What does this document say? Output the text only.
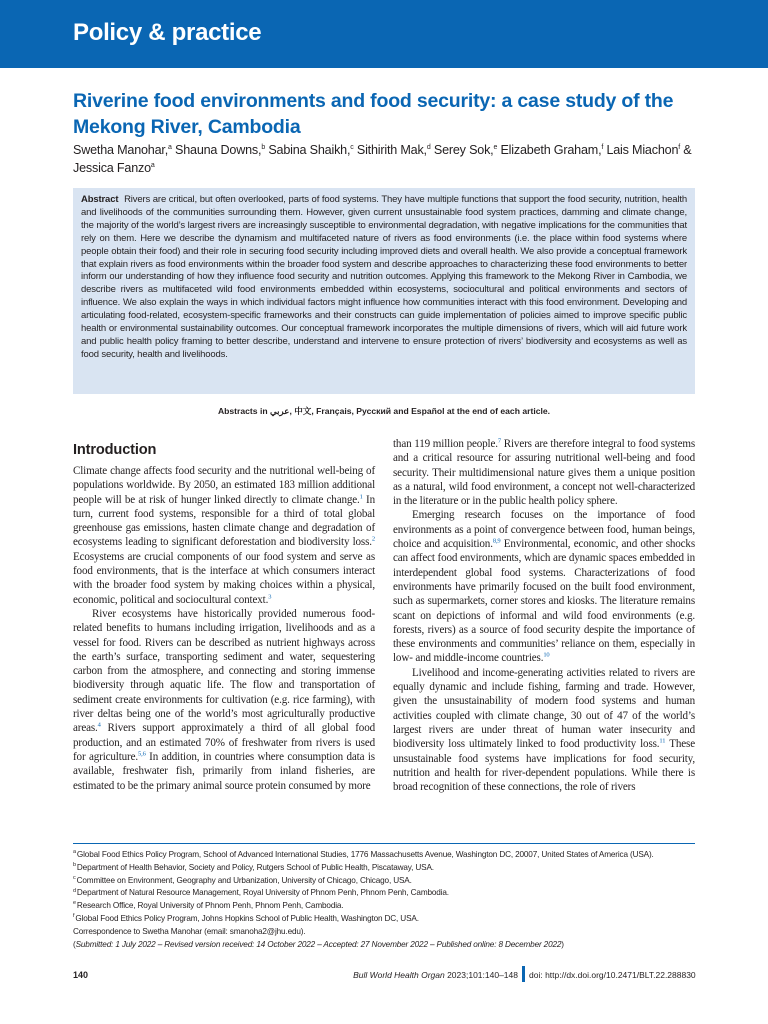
Policy & practice
Riverine food environments and food security: a case study of the Mekong River, Cambodia
Swetha Manohar,$^a$ Shauna Downs,$^b$ Sabina Shaikh,$^c$ Sithirith Mak,$^d$ Serey Sok,$^e$ Elizabeth Graham,$^f$ Lais Miachon$^f$ & Jessica Fanzo$^a$

Abstract Rivers are critical, but often overlooked, parts of food systems. They have multiple functions that support the food security, nutrition, health and livelihoods of the communities surrounding them. However, given current unsustainable food system practices, damming and climate change, the majority of the world’s largest rivers are increasingly susceptible to environmental degradation, with negative implications for the communities that rely on them. Here we describe the dynamism and multifaceted nature of rivers as food environments (i.e. the place within food systems where people obtain their food) and their role in securing food security including improved diets and overall health. We also provide a conceptual framework that explain rivers as food environments within the broader food system and describe approaches to characterizing these food environments to better inform our understanding of how they influence food security and nutrition outcomes. Applying this framework to the Mekong River in Cambodia, we describe rivers as multifaceted wild food environments embedded within ecosystems, sociocultural and political environments and sectors of influence. We also explain the ways in which individual factors might influence how communities interact with this food environment. Developing and articulating food-related, ecosystem-specific frameworks and their constructs can guide implementation of policies aimed to improve specific public health or environmental sustainability outcomes. Our conceptual framework incorporates the multiple dimensions of rivers, which will aid future work and public health policy framing to better describe, understand and intervene to ensure protection of rivers’ biodiversity and ecosystems as well as food security, health and livelihoods.

Abstracts in عربي, 中文, Français, Русский and Español at the end of each article.
Introduction

Climate change affects food security and the nutritional well-being of populations worldwide. By 2050, an estimated 183 million additional people will be at risk of hunger linked directly to climate change.$^1$ In turn, current food systems, responsible for a third of total global greenhouse gas emissions, hasten climate change and degradation of ecosystems leading to significant deforestation and biodiversity loss.$^2$ Ecosystems are crucial components of our food system and serve as food environments, that is the interface at which consumers interact with the broader food system by making choices within a physical, economic, political and sociocultural context.$^3$

River ecosystems have historically provided numerous food-related benefits to humans including irrigation, livelihoods and as a vessel for food. Rivers can be described as nutrient highways across the earth’s surface, transporting sediment and water, sequestering carbon from the atmosphere, and connecting and storing immense biodiversity through aquatic life. The flow and transportation of sediment create environments for cultivation (e.g. rice farming), with river deltas being one of the world’s most agriculturally productive areas.$^4$ Rivers support approximately a third of all global food production, and an estimated 70% of freshwater from rivers is used for agriculture.$^{5,6}$ In addition, in countries where consumption data is available, freshwater fish, primarily from inland fisheries, are estimated to be the primary animal source protein consumed by more

than 119 million people.$^7$ Rivers are therefore integral to food systems and a critical resource for assuring nutritional well-being and food security. Their multidimensional nature gives them a unique position as a natural, wild food environment, a concept not well-characterized in the literature or in the public health policy sphere.

Emerging research focuses on the importance of food environments as a point of convergence between food, human beings, choice and acquisition.$^{8,9}$ Environmental, economic, and other shocks can affect food environments, which are dynamic spaces embedded in interdependent global food systems. Characterizations of food environments have primarily focused on the built food environment, such as supermarkets, corner stores and kiosks. The literature remains scant on depictions of informal and wild food environments (e.g. forests, rivers) as a source of food security despite the importance of these environments and communities’ reliance on them, especially in low- and middle-income countries.$^{10}$

Livelihood and income-generating activities related to rivers are equally dynamic and include fishing, farming and trade. However, given the unsustainability of modern food systems and human activities coupled with climate change, 30 out of 47 of the world’s largest rivers are under threat of human water insecurity and biodiversity loss ultimately linked to food productivity loss.$^{11}$ These unsustainable food systems have implications for food security, nutrition and health for river-dependent populations. While there is broad recognition of these connections, the role of rivers

$^a$Global Food Ethics Policy Program, School of Advanced International Studies, 1776 Massachusetts Avenue, Washington DC, 20007, United States of America (USA).
$^b$Department of Health Behavior, Society and Policy, Rutgers School of Public Health, Piscataway, USA.
$^c$Committee on Environment, Geography and Urbanization, University of Chicago, Chicago, USA.
$^d$Department of Natural Resource Management, Royal University of Phnom Penh, Phnom Penh, Cambodia.
$^e$Research Office, Royal University of Phnom Penh, Phnom Penh, Cambodia.
$^f$Global Food Ethics Policy Program, Johns Hopkins School of Public Health, Washington DC, USA.
Correspondence to Swetha Manohar (email: smanoha2@jhu.edu).
(Submitted: 1 July 2022 – Revised version received: 14 October 2022 – Accepted: 27 November 2022 – Published online: 8 December 2022)
140	Bull World Health Organ 2023;101:140–148 doi: http://dx.doi.org/10.2471/BLT.22.288830
